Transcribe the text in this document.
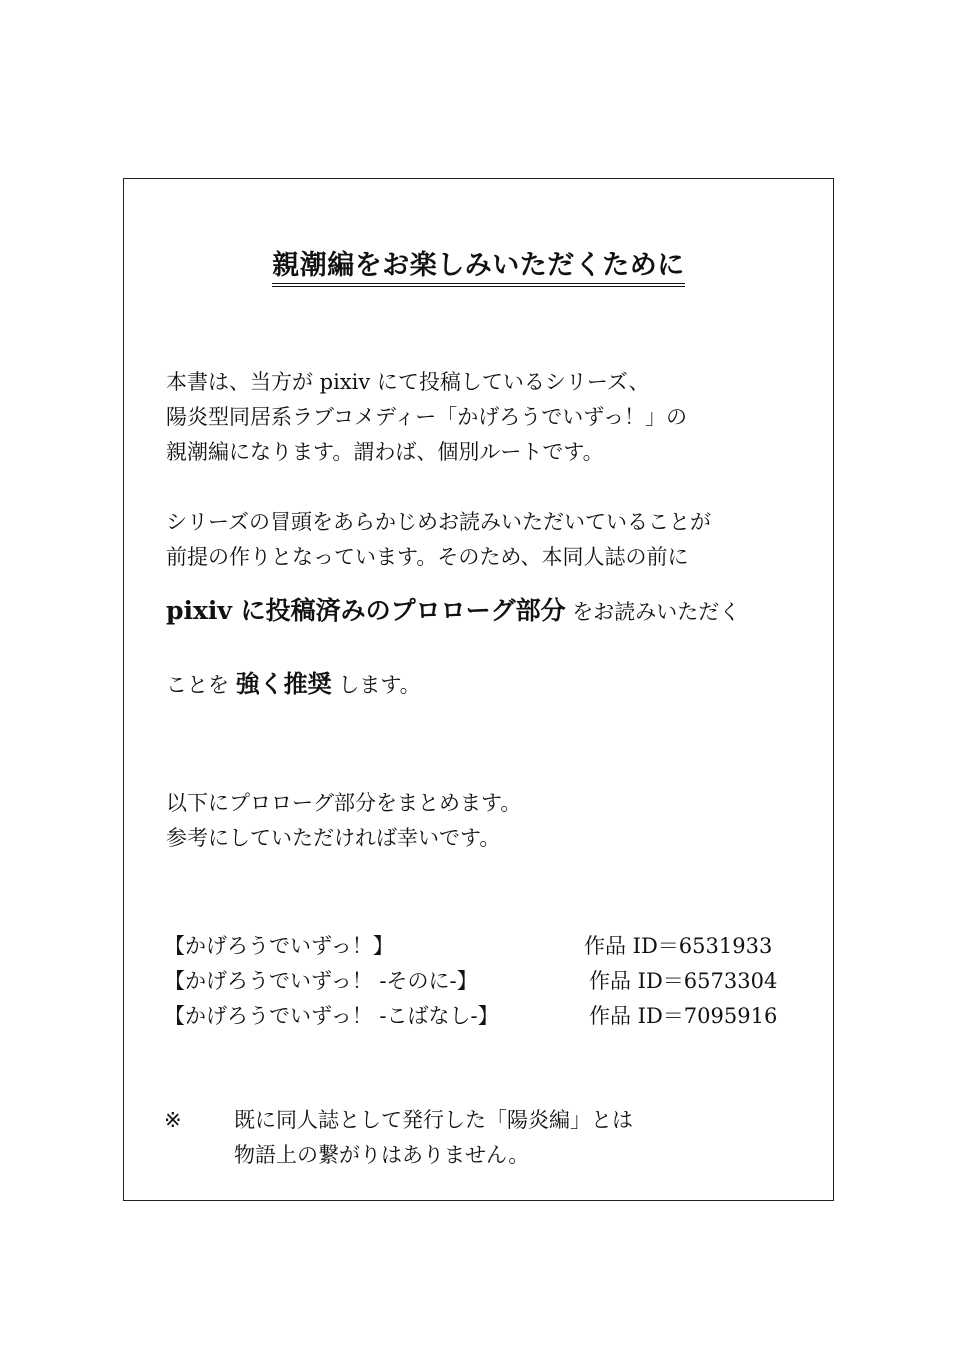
親潮編をお楽しみいただくために
本書は、当方が pixiv にて投稿しているシリーズ、
陽炎型同居系ラブコメディー「かげろうでいずっ！」の
親潮編になります。謂わば、個別ルートです。
シリーズの冒頭をあらかじめお読みいただいていることが
前提の作りとなっています。そのため、本同人誌の前に
pixiv に投稿済みのプロローグ部分 をお読みいただく
ことを 強く推奨 します。
以下にプロローグ部分をまとめます。
参考にしていただければ幸いです。
【かげろうでいずっ！】	作品 ID＝6531933
【かげろうでいずっ！ -そのに-】	作品 ID＝6573304
【かげろうでいずっ！ -こばなし-】	作品 ID＝7095916
※ 既に同人誌として発行した「陽炎編」とは
物語上の繋がりはありません。
